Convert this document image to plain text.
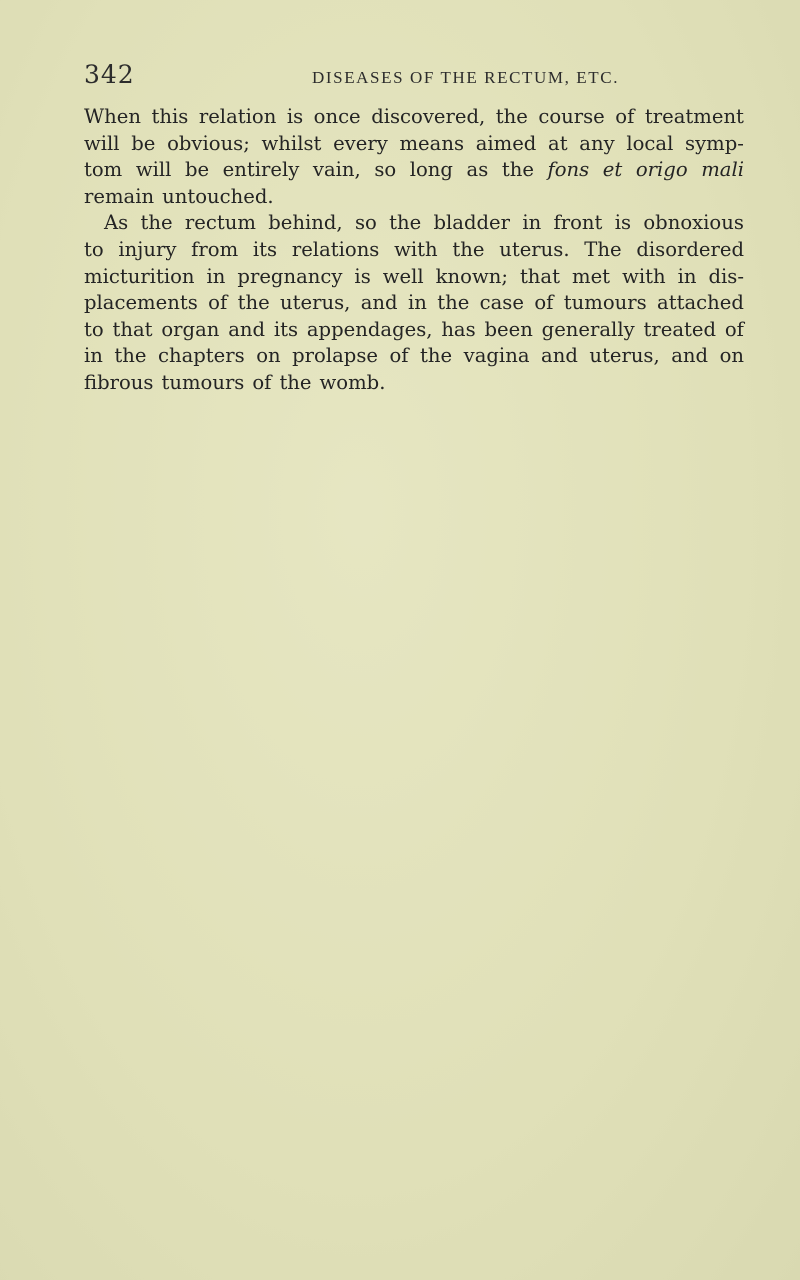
342	DISEASES OF THE RECTUM, ETC.
When this relation is once discovered, the course of treatment
will be obvious; whilst every means aimed at any local symp-
tom will be entirely vain, so long as the fons et origo mali
remain untouched.
As the rectum behind, so the bladder in front is obnoxious
to injury from its relations with the uterus. The disordered
micturition in pregnancy is well known; that met with in dis-
placements of the uterus, and in the case of tumours attached
to that organ and its appendages, has been generally treated of
in the chapters on prolapse of the vagina and uterus, and on
fibrous tumours of the womb.
